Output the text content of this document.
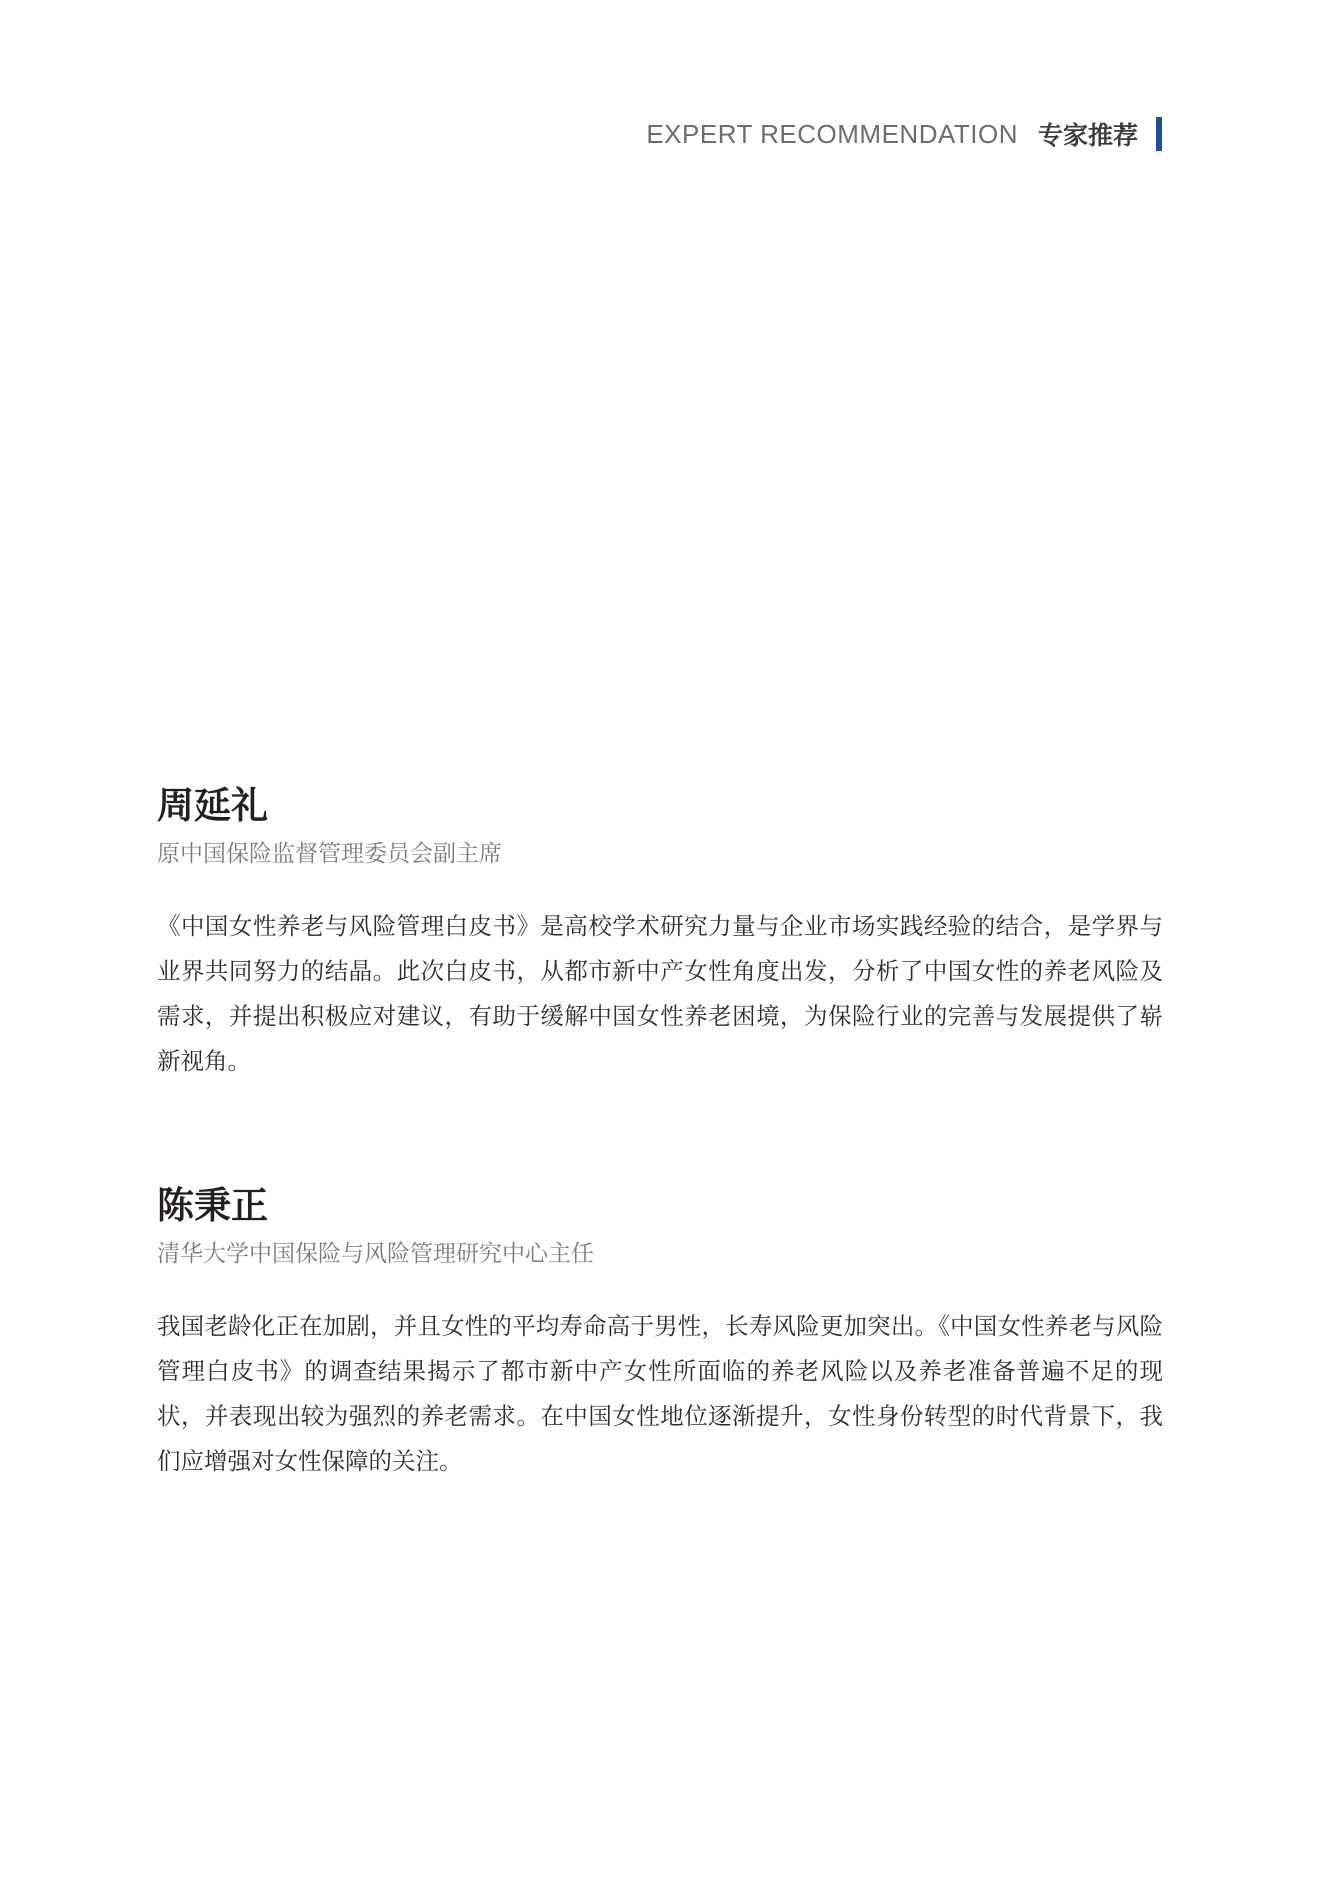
EXPERT RECOMMENDATION 专家推荐
周延礼
原中国保险监督管理委员会副主席

《中国女性养老与风险管理白皮书》是高校学术研究力量与企业市场实践经验的结合，是学界与业界共同努力的结晶。此次白皮书，从都市新中产女性角度出发，分析了中国女性的养老风险及需求，并提出积极应对建议，有助于缓解中国女性养老困境，为保险行业的完善与发展提供了崭新视角。

陈秉正
清华大学中国保险与风险管理研究中心主任

我国老龄化正在加剧，并且女性的平均寿命高于男性，长寿风险更加突出。《中国女性养老与风险管理白皮书》的调查结果揭示了都市新中产女性所面临的养老风险以及养老准备普遍不足的现状，并表现出较为强烈的养老需求。在中国女性地位逐渐提升，女性身份转型的时代背景下，我们应增强对女性保障的关注。
